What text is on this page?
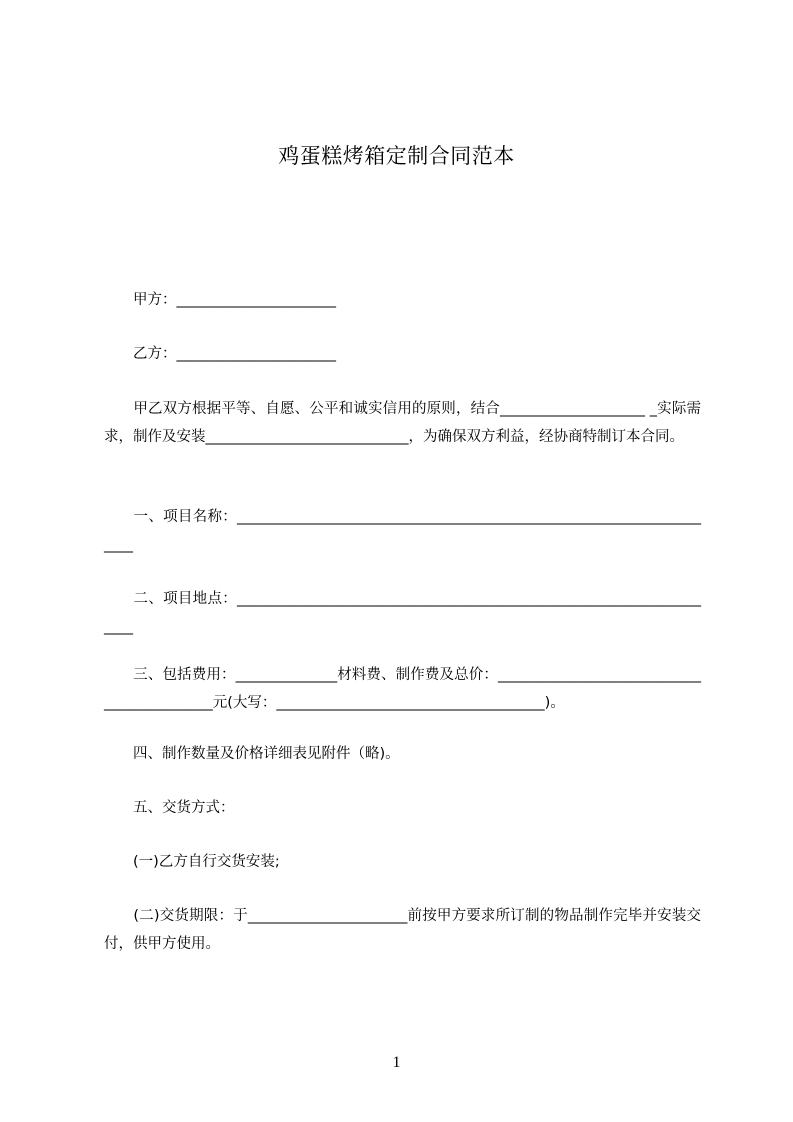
鸡蛋糕烤箱定制合同范本
　　甲方：______________________
　　乙方：______________________
　　甲乙双方根据平等、自愿、公平和诚实信用的原则，结合____________________ _实际需求，制作及安装____________________________，为确保双方利益，经协商特制订本合同。
　　一、项目名称：____________________________________________________________________
　　二、项目地点：____________________________________________________________________
　　三、包括费用：______________材料费、制作费及总价：___________________________________________元(大写：_____________________________________)。
　　四、制作数量及价格详细表见附件（略)。
　　五、交货方式：
　　(一)乙方自行交货安装;
　　(二)交货期限：于______________________前按甲方要求所订制的物品制作完毕并安装交付，供甲方使用。
1
